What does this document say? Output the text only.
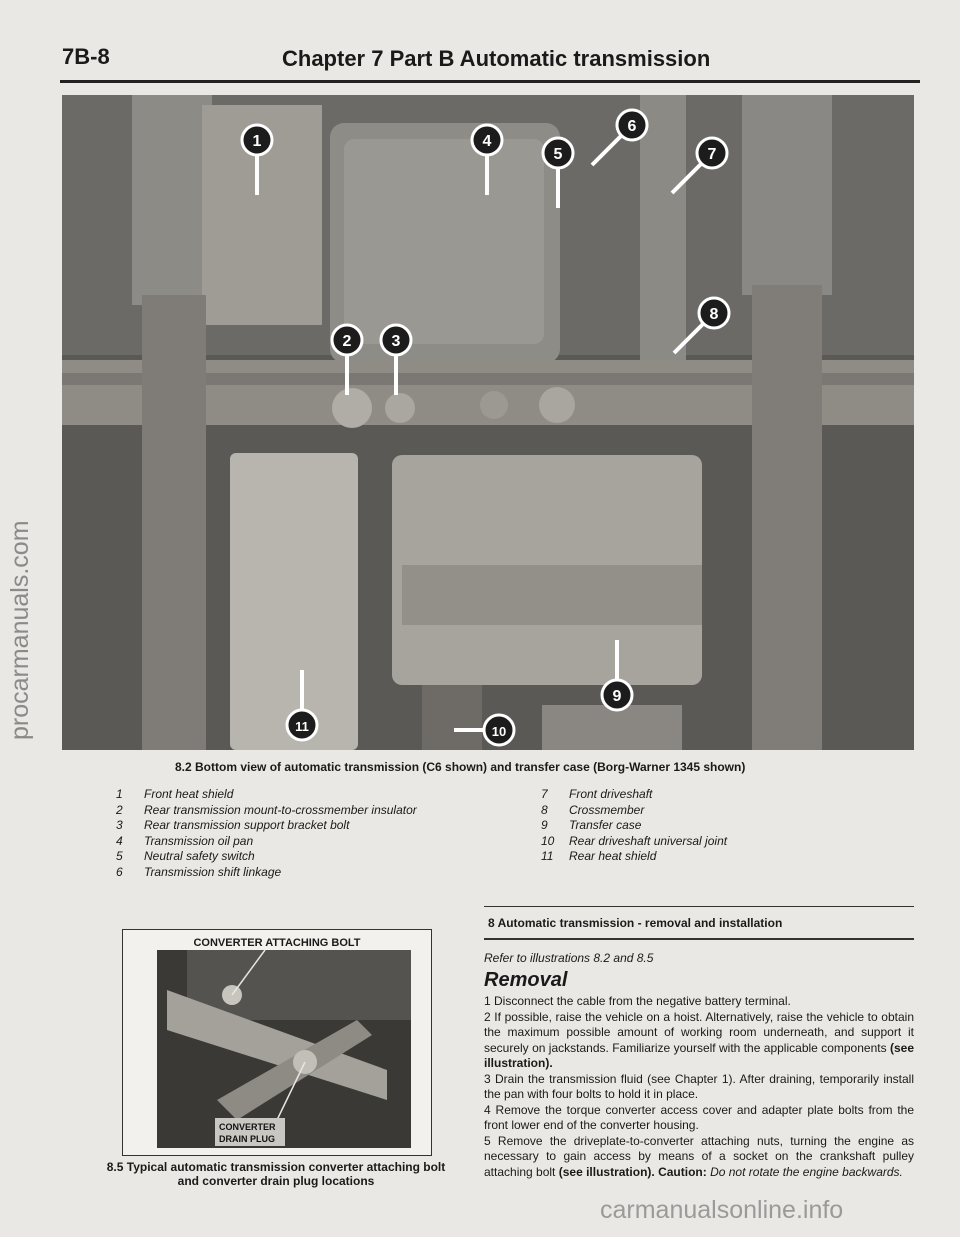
7B-8	Chapter 7 Part B Automatic transmission
procarmanuals.com
1
2	3
4
5
6
7
8
9
10
11
8.2 Bottom view of automatic transmission (C6 shown) and transfer case (Borg-Warner 1345 shown)
1	Front heat shield
2	Rear transmission mount-to-crossmember insulator
3	Rear transmission support bracket bolt
4	Transmission oil pan
5	Neutral safety switch
6	Transmission shift linkage
7	Front driveshaft
8	Crossmember
9	Transfer case
10	Rear driveshaft universal joint
11	Rear heat shield
CONVERTER ATTACHING BOLT
CONVERTER
DRAIN PLUG
8.5 Typical automatic transmission converter attaching bolt
and converter drain plug locations
8 Automatic transmission - removal and installation
Refer to illustrations 8.2 and 8.5
Removal

1 Disconnect the cable from the negative battery terminal.

2 If possible, raise the vehicle on a hoist. Alternatively, raise the vehicle to obtain the maximum possible amount of working room underneath, and support it securely on jackstands. Familiarize yourself with the applicable components (see illustration).

3 Drain the transmission fluid (see Chapter 1). After draining, temporarily install the pan with four bolts to hold it in place.

4 Remove the torque converter access cover and adapter plate bolts from the front lower end of the converter housing.

5 Remove the driveplate-to-converter attaching nuts, turning the engine as necessary to gain access by means of a socket on the crankshaft pulley attaching bolt (see illustration). Caution: Do not rotate the engine backwards.

carmanualsonline.info
